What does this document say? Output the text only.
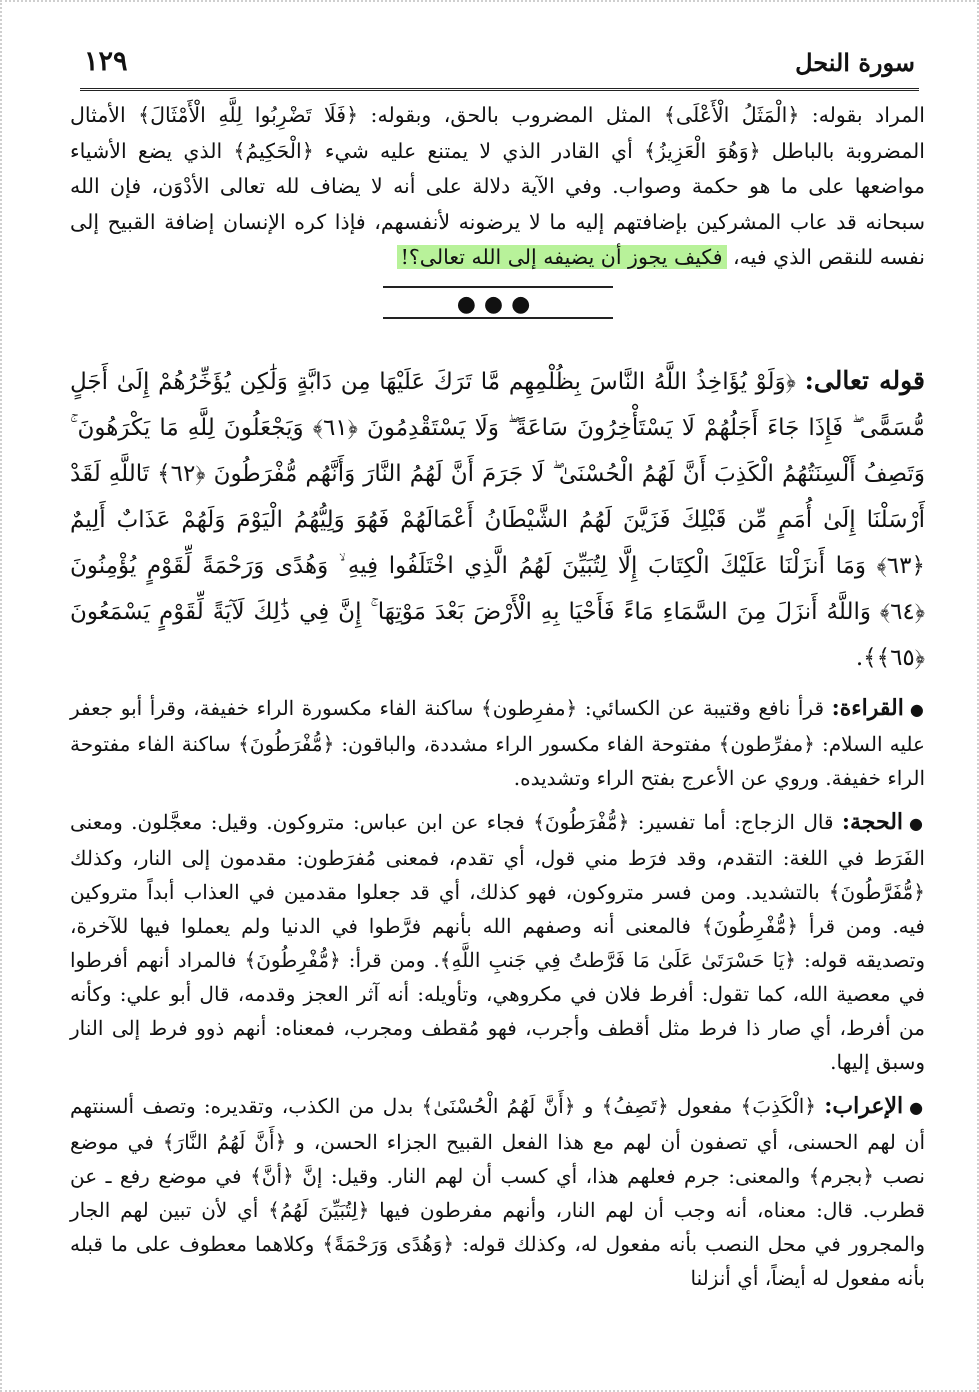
سورة النحل
١٢٩

المراد بقوله: ﴿الْمَثَلُ الْأَعْلَى﴾ المثل المضروب بالحق، وبقوله: ﴿فَلَا تَضْرِبُوا لِلَّهِ الْأَمْثَالَ﴾ الأمثال المضروبة بالباطل ﴿وَهُوَ الْعَزِيزُ﴾ أي القادر الذي لا يمتنع عليه شيء ﴿الْحَكِيمُ﴾ الذي يضع الأشياء مواضعها على ما هو حكمة وصواب. وفي الآية دلالة على أنه لا يضاف لله تعالى الأدْوَن، فإن الله سبحانه قد عاب المشركين بإضافتهم إليه ما لا يرضونه لأنفسهم، فإذا كره الإنسان إضافة القبيح إلى نفسه للنقص الذي فيه، فكيف يجوز أن يضيفه إلى الله تعالى؟!

●●●

قوله تعالى: ﴿وَلَوْ يُؤَاخِذُ اللَّهُ النَّاسَ بِظُلْمِهِم مَّا تَرَكَ عَلَيْهَا مِن دَابَّةٍ وَلَٰكِن يُؤَخِّرُهُمْ إِلَىٰ أَجَلٍ مُّسَمًّى ۖ فَإِذَا جَاءَ أَجَلُهُمْ لَا يَسْتَأْخِرُونَ سَاعَةً ۖ وَلَا يَسْتَقْدِمُونَ ﴿٦١﴾ وَيَجْعَلُونَ لِلَّهِ مَا يَكْرَهُونَ ۚ وَتَصِفُ أَلْسِنَتُهُمُ الْكَذِبَ أَنَّ لَهُمُ الْحُسْنَىٰ ۖ لَا جَرَمَ أَنَّ لَهُمُ النَّارَ وَأَنَّهُم مُّفْرَطُونَ ﴿٦٢﴾ تَاللَّهِ لَقَدْ أَرْسَلْنَا إِلَىٰ أُمَمٍ مِّن قَبْلِكَ فَزَيَّنَ لَهُمُ الشَّيْطَانُ أَعْمَالَهُمْ فَهُوَ وَلِيُّهُمُ الْيَوْمَ وَلَهُمْ عَذَابٌ أَلِيمٌ ﴿٦٣﴾ وَمَا أَنزَلْنَا عَلَيْكَ الْكِتَابَ إِلَّا لِتُبَيِّنَ لَهُمُ الَّذِي اخْتَلَفُوا فِيهِ ۙ وَهُدًى وَرَحْمَةً لِّقَوْمٍ يُؤْمِنُونَ ﴿٦٤﴾ وَاللَّهُ أَنزَلَ مِنَ السَّمَاءِ مَاءً فَأَحْيَا بِهِ الْأَرْضَ بَعْدَ مَوْتِهَا ۚ إِنَّ فِي ذَٰلِكَ لَآيَةً لِّقَوْمٍ يَسْمَعُونَ ﴿٦٥﴾﴾.

●القراءة: قرأ نافع وقتيبة عن الكسائي: ﴿مفرِطون﴾ ساكنة الفاء مكسورة الراء خفيفة، وقرأ أبو جعفر عليه السلام: ﴿مفرِّطون﴾ مفتوحة الفاء مكسور الراء مشددة، والباقون: ﴿مُّفْرَطُونَ﴾ ساكنة الفاء مفتوحة الراء خفيفة. وروي عن الأعرج بفتح الراء وتشديده.

●الحجة: قال الزجاج: أما تفسير: ﴿مُّفْرَطُونَ﴾ فجاء عن ابن عباس: متروكون. وقيل: معجَّلون. ومعنى الفَرَط في اللغة: التقدم، وقد فرَط مني قول، أي تقدم، فمعنى مُفرَطون: مقدمون إلى النار، وكذلك ﴿مُّفَرَّطُونَ﴾ بالتشديد. ومن فسر متروكون، فهو كذلك، أي قد جعلوا مقدمين في العذاب أبداً متروكين فيه. ومن قرأ ﴿مُّفْرِطُونَ﴾ فالمعنى أنه وصفهم الله بأنهم فرَّطوا في الدنيا ولم يعملوا فيها للآخرة، وتصديقه قوله: ﴿يَا حَسْرَتَىٰ عَلَىٰ مَا فَرَّطتُ فِي جَنبِ اللَّهِ﴾. ومن قرأ: ﴿مُّفْرِطُونَ﴾ فالمراد أنهم أفرطوا في معصية الله، كما تقول: أفرط فلان في مكروهي، وتأويله: أنه آثر العجز وقدمه، قال أبو علي: وكأنه من أفرط، أي صار ذا فرط مثل أقطف وأجرب، فهو مُقطف ومجرب، فمعناه: أنهم ذوو فرط إلى النار وسبق إليها.

●الإعراب: ﴿الْكَذِبَ﴾ مفعول ﴿تَصِفُ﴾ و ﴿أَنَّ لَهُمُ الْحُسْنَىٰ﴾ بدل من الكذب، وتقديره: وتصف ألسنتهم أن لهم الحسنى، أي تصفون أن لهم مع هذا الفعل القبيح الجزاء الحسن، و ﴿أَنَّ لَهُمُ النَّارَ﴾ في موضع نصب ﴿بجرم﴾ والمعنى: جرم فعلهم هذا، أي كسب أن لهم النار. وقيل: إنَّ ﴿أنَّ﴾ في موضع رفع ـ عن قطرب. قال: معناه، أنه وجب أن لهم النار، وأنهم مفرطون فيها ﴿لِتُبَيِّنَ لَهُمُ﴾ أي لأن تبين لهم الجار والمجرور في محل النصب بأنه مفعول له، وكذلك قوله: ﴿وَهُدًى وَرَحْمَةً﴾ وكلاهما معطوف على ما قبله بأنه مفعول له أيضاً، أي أنزلنا
